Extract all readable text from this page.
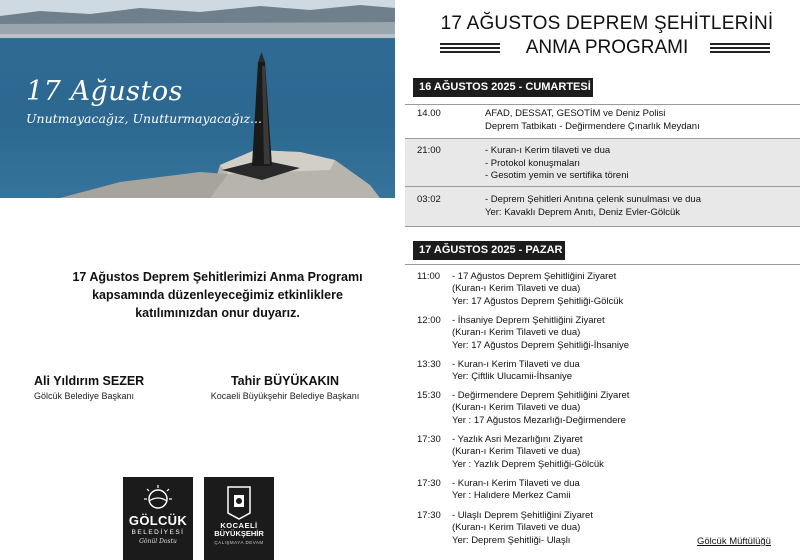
17 Ağustos
Unutmayacağız, Unutturmayacağız...
17 Ağustos Deprem Şehitlerimizi Anma Programı
kapsamında düzenleyeceğimiz etkinliklere
katılımınızdan onur duyarız.
Ali Yıldırım SEZER
Gölcük Belediye Başkanı
Tahir BÜYÜKAKIN
Kocaeli Büyükşehir Belediye Başkanı
GÖLCÜK
BELEDİYESİ
Gönül Dostu
KOCAELİ
BÜYÜKŞEHİR
ÇALIŞMAYA DEVAM
17 AĞUSTOS DEPREM ŞEHİTLERİNİ
ANMA PROGRAMI
16 AĞUSTOS 2025 - CUMARTESİ
14.00	AFAD, DESSAT, GESOTİM ve Deniz Polisi
Deprem Tatbikatı - Değirmendere Çınarlık Meydanı
21:00	- Kuran-ı Kerim tilaveti ve dua
- Protokol konuşmaları
- Gesotim yemin ve sertifika töreni
03:02	- Deprem Şehitleri Anıtına çelenk sunulması ve dua
Yer: Kavaklı Deprem Anıtı, Deniz Evler-Gölcük
17 AĞUSTOS 2025 - PAZAR
11:00	- 17 Ağustos Deprem Şehitliğini Ziyaret
(Kuran-ı Kerim Tilaveti ve dua)
Yer: 17 Ağustos Deprem Şehitliği-Gölcük
12:00	- İhsaniye Deprem Şehitliğini Ziyaret
(Kuran-ı Kerim Tilaveti ve dua)
Yer: 17 Ağustos Deprem Şehitliği-İhsaniye
13:30	- Kuran-ı Kerim Tilaveti ve dua
Yer: Çiftlik Ulucamii-İhsaniye
15:30	- Değirmendere Deprem Şehitliğini Ziyaret
(Kuran-ı Kerim Tilaveti ve dua)
Yer : 17 Ağustos Mezarlığı-Değirmendere
17:30	- Yazlık Asri Mezarlığını Ziyaret
(Kuran-ı Kerim Tilaveti ve dua)
Yer : Yazlık Deprem Şehitliği-Gölcük
17:30	- Kuran-ı Kerim Tilaveti ve dua
Yer : Halıdere Merkez Camii
17:30	- Ulaşlı Deprem Şehitliğini Ziyaret
(Kuran-ı Kerim Tilaveti ve dua)
Yer: Deprem Şehitliği- Ulaşlı	Gölcük Müftülüğü
